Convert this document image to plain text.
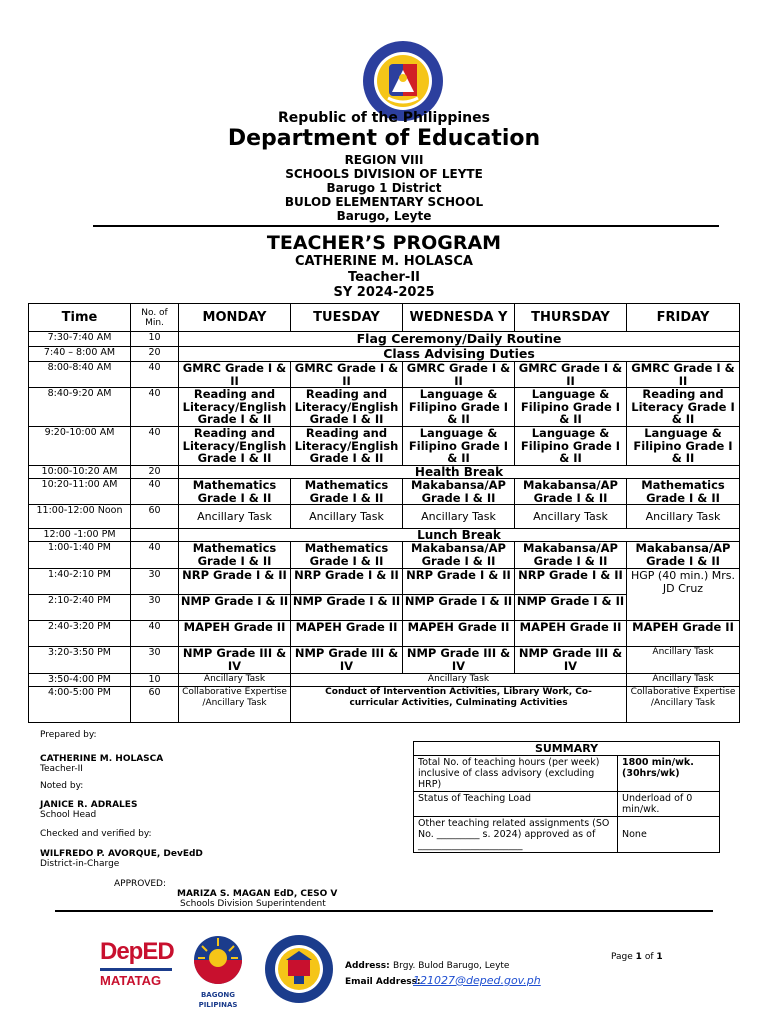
Republic of the Philippines
Department of Education
REGION VIII
SCHOOLS DIVISION OF LEYTE
Barugo 1 District
BULOD ELEMENTARY SCHOOL
Barugo, Leyte
TEACHER’S PROGRAM
CATHERINE M. HOLASCA
Teacher-II
SY 2024-2025
Time	No. of Min.	MONDAY	TUESDAY	WEDNESDA Y	THURSDAY	FRIDAY
7:30-7:40 AM	10	Flag Ceremony/Daily Routine				
7:40 – 8:00 AM	20	Class Advising Duties				
8:00-8:40 AM	40	GMRC Grade I & II	GMRC Grade I & II	GMRC Grade I & II	GMRC Grade I & II	GMRC Grade I & II
8:40-9:20 AM	40	Reading and Literacy/English Grade I & II	Reading and Literacy/English Grade I & II	Language & Filipino Grade I & II	Language & Filipino Grade I & II	Reading and Literacy Grade I & II
9:20-10:00 AM	40	Reading and Literacy/English Grade I & II	Reading and Literacy/English Grade I & II	Language & Filipino Grade I & II	Language & Filipino Grade I & II	Language & Filipino Grade I & II
10:00-10:20 AM	20	Health Break				
10:20-11:00 AM	40	Mathematics Grade I & II	Mathematics Grade I & II	Makabansa/AP Grade I & II	Makabansa/AP Grade I & II	Mathematics Grade I & II
11:00-12:00 Noon	60	Ancillary Task	Ancillary Task	Ancillary Task	Ancillary Task	Ancillary Task
12:00 -1:00 PM		Lunch Break				
1:00-1:40 PM	40	Mathematics Grade I & II	Mathematics Grade I & II	Makabansa/AP Grade I & II	Makabansa/AP Grade I & II	Makabansa/AP Grade I & II
1:40-2:10 PM	30	NRP Grade I & II	NRP Grade I & II	NRP Grade I & II	NRP Grade I & II	HGP (40 min.) Mrs. JD Cruz
2:10-2:40 PM	30	NMP Grade I & II	NMP Grade I & II	NMP Grade I & II	NMP Grade I & II	
2:40-3:20 PM	40	MAPEH Grade II	MAPEH Grade II	MAPEH Grade II	MAPEH Grade II	MAPEH Grade II
3:20-3:50 PM	30	NMP Grade III & IV	NMP Grade III & IV	NMP Grade III & IV	NMP Grade III & IV	Ancillary Task
3:50-4:00 PM	10	Ancillary Task	Ancillary Task			Ancillary Task
4:00-5:00 PM	60	Collaborative Expertise /Ancillary Task	Conduct of Intervention Activities, Library Work, Co-curricular Activities, Culminating Activities			Collaborative Expertise /Ancillary Task
Prepared by:
CATHERINE M. HOLASCA
Teacher-II
Noted by:
JANICE R. ADRALES
School Head
Checked and verified by:
WILFREDO P. AVORQUE, DevEdD
District-in-Charge
APPROVED:
MARIZA S. MAGAN EdD, CESO V
Schools Division Superintendent
SUMMARY	
Total No. of teaching hours (per week) inclusive of class advisory (excluding HRP)	1800 min/wk. (30hrs/wk)
Status of Teaching Load	Underload of 0 min/wk.
Other teaching related assignments (SO No. _________ s. 2024) approved as of ______________________	None
DepED
MATATAG
BAGONG PILIPINAS
Address: Brgy. Bulod Barugo, Leyte
Email Address:
121027@deped.gov.ph
Page 1 of 1
